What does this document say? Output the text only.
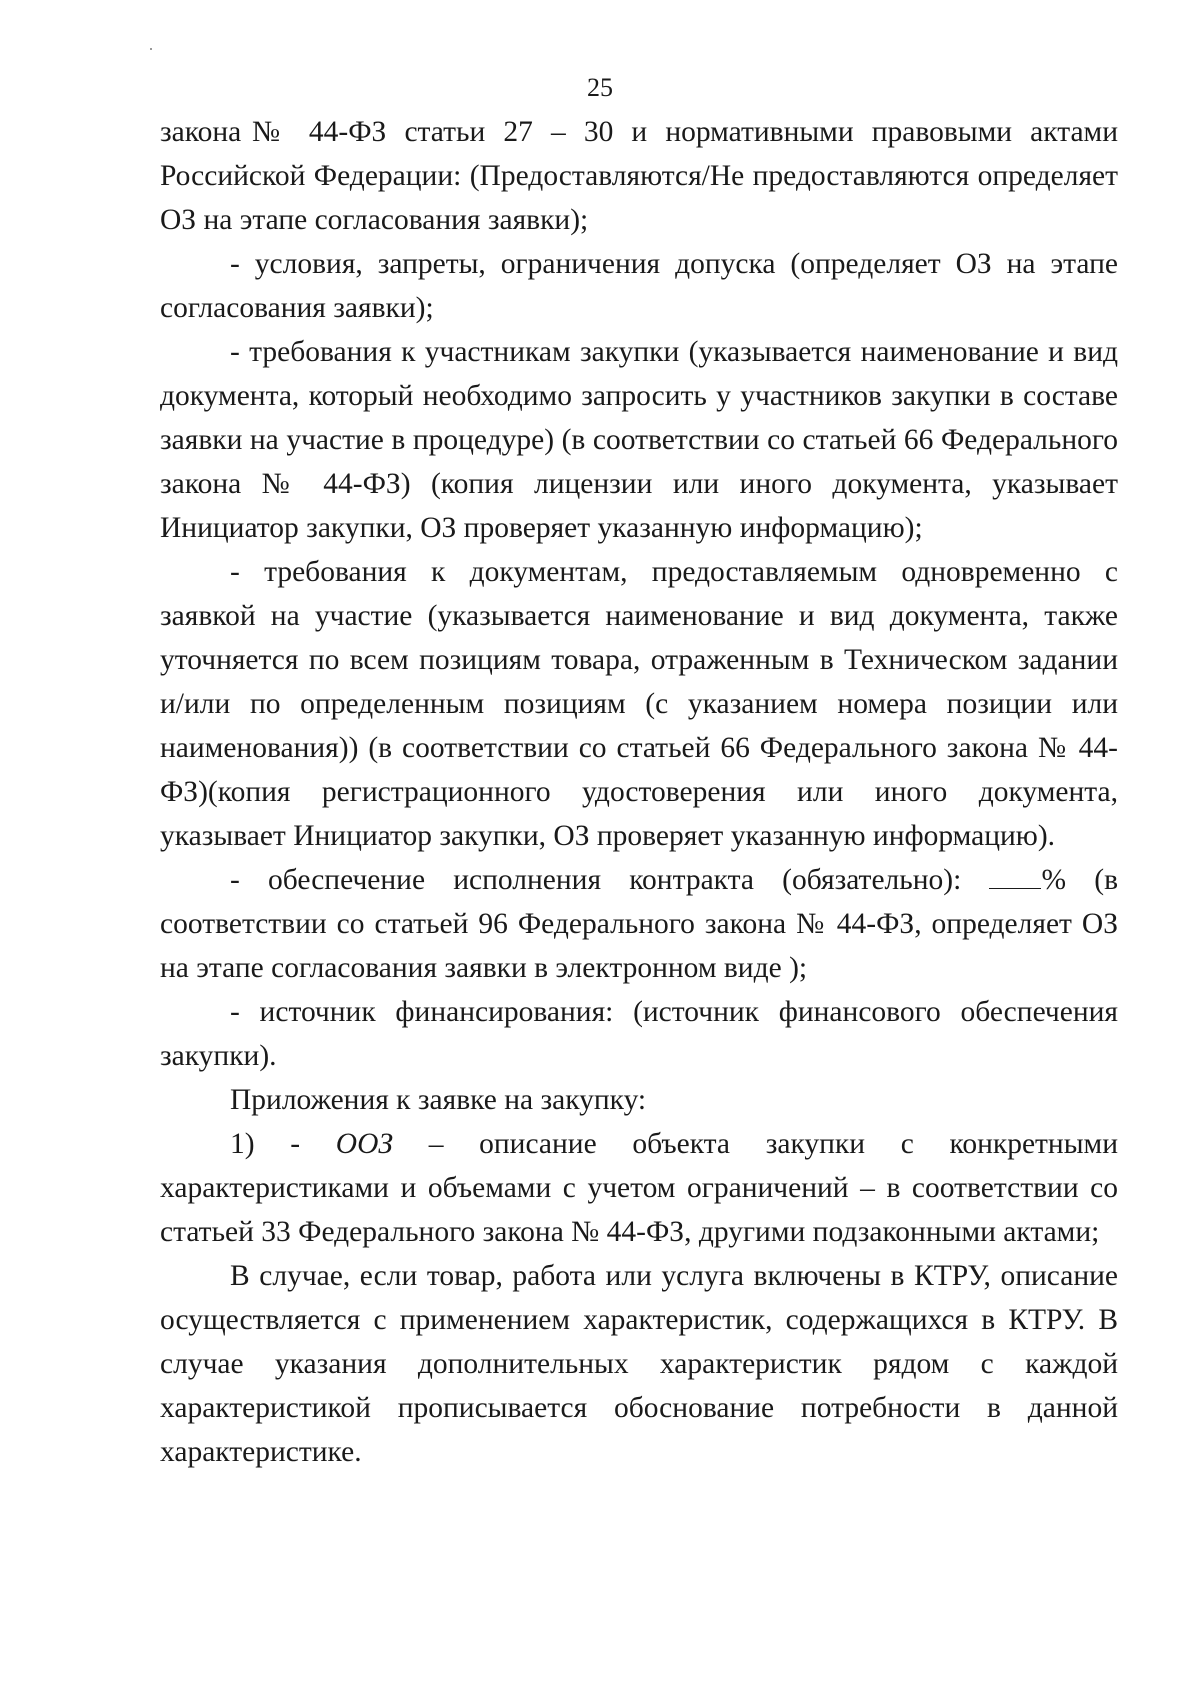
25

закона№ 44-ФЗ статьи 27 – 30 и нормативными правовыми актами Российской Федерации: (Предоставляются/Не предоставляются определяет ОЗ на этапе согласования заявки);

- условия, запреты, ограничения допуска (определяет ОЗ на этапе согласования заявки);

- требования к участникам закупки (указывается наименование и вид документа, который необходимо запросить у участников закупки в составе заявки на участие в процедуре) (в соответствии со статьей 66 Федерального закона № 44-ФЗ) (копия лицензии или иного документа, указывает Инициатор закупки, ОЗ проверяет указанную информацию);

- требования к документам, предоставляемым одновременно с заявкой на участие (указывается наименование и вид документа, также уточняется по всем позициям товара, отраженным в Техническом задании и/или по определенным позициям (с указанием номера позиции или наименования)) (в соответствии со статьей 66 Федерального закона № 44-ФЗ)(копия регистрационного удостоверения или иного документа, указывает Инициатор закупки, ОЗ проверяет указанную информацию).

- обеспечение исполнения контракта (обязательно): % (в соответствии со статьей 96 Федерального закона № 44-ФЗ, определяет ОЗ на этапе согласования заявки в электронном виде );

- источник финансирования: (источник финансового обеспечения закупки).

Приложения к заявке на закупку:

1) - ООЗ – описание объекта закупки с конкретными характеристиками и объемами с учетом ограничений – в соответствии со статьей 33 Федерального закона № 44-ФЗ, другими подзаконными актами;

В случае, если товар, работа или услуга включены в КТРУ, описание осуществляется с применением характеристик, содержащихся в КТРУ. В случае указания дополнительных характеристик рядом с каждой характеристикой прописывается обоснование потребности в данной характеристике.
